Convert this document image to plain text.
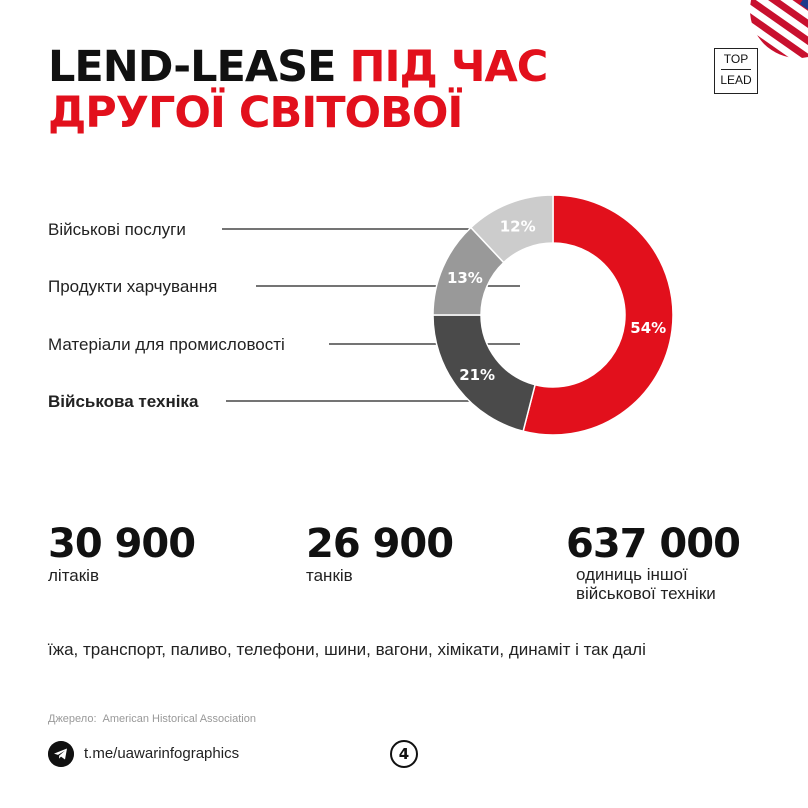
LEND-LEASE ПІД ЧАС
ДРУГОЇ СВІТОВОЇ
TOP
LEAD
54%
Військова техніка
21%
Матеріали для промисловості
13%
Продукти харчування
12%
Військові послуги
30 900
літаків
26 900
танків
637 000
одиниць іншої
військової техніки
їжа, транспорт, паливо, телефони, шини, вагони, хімікати, динаміт і так далі
Джерело: American Historical Association
t.me/uawarinfographics	4
